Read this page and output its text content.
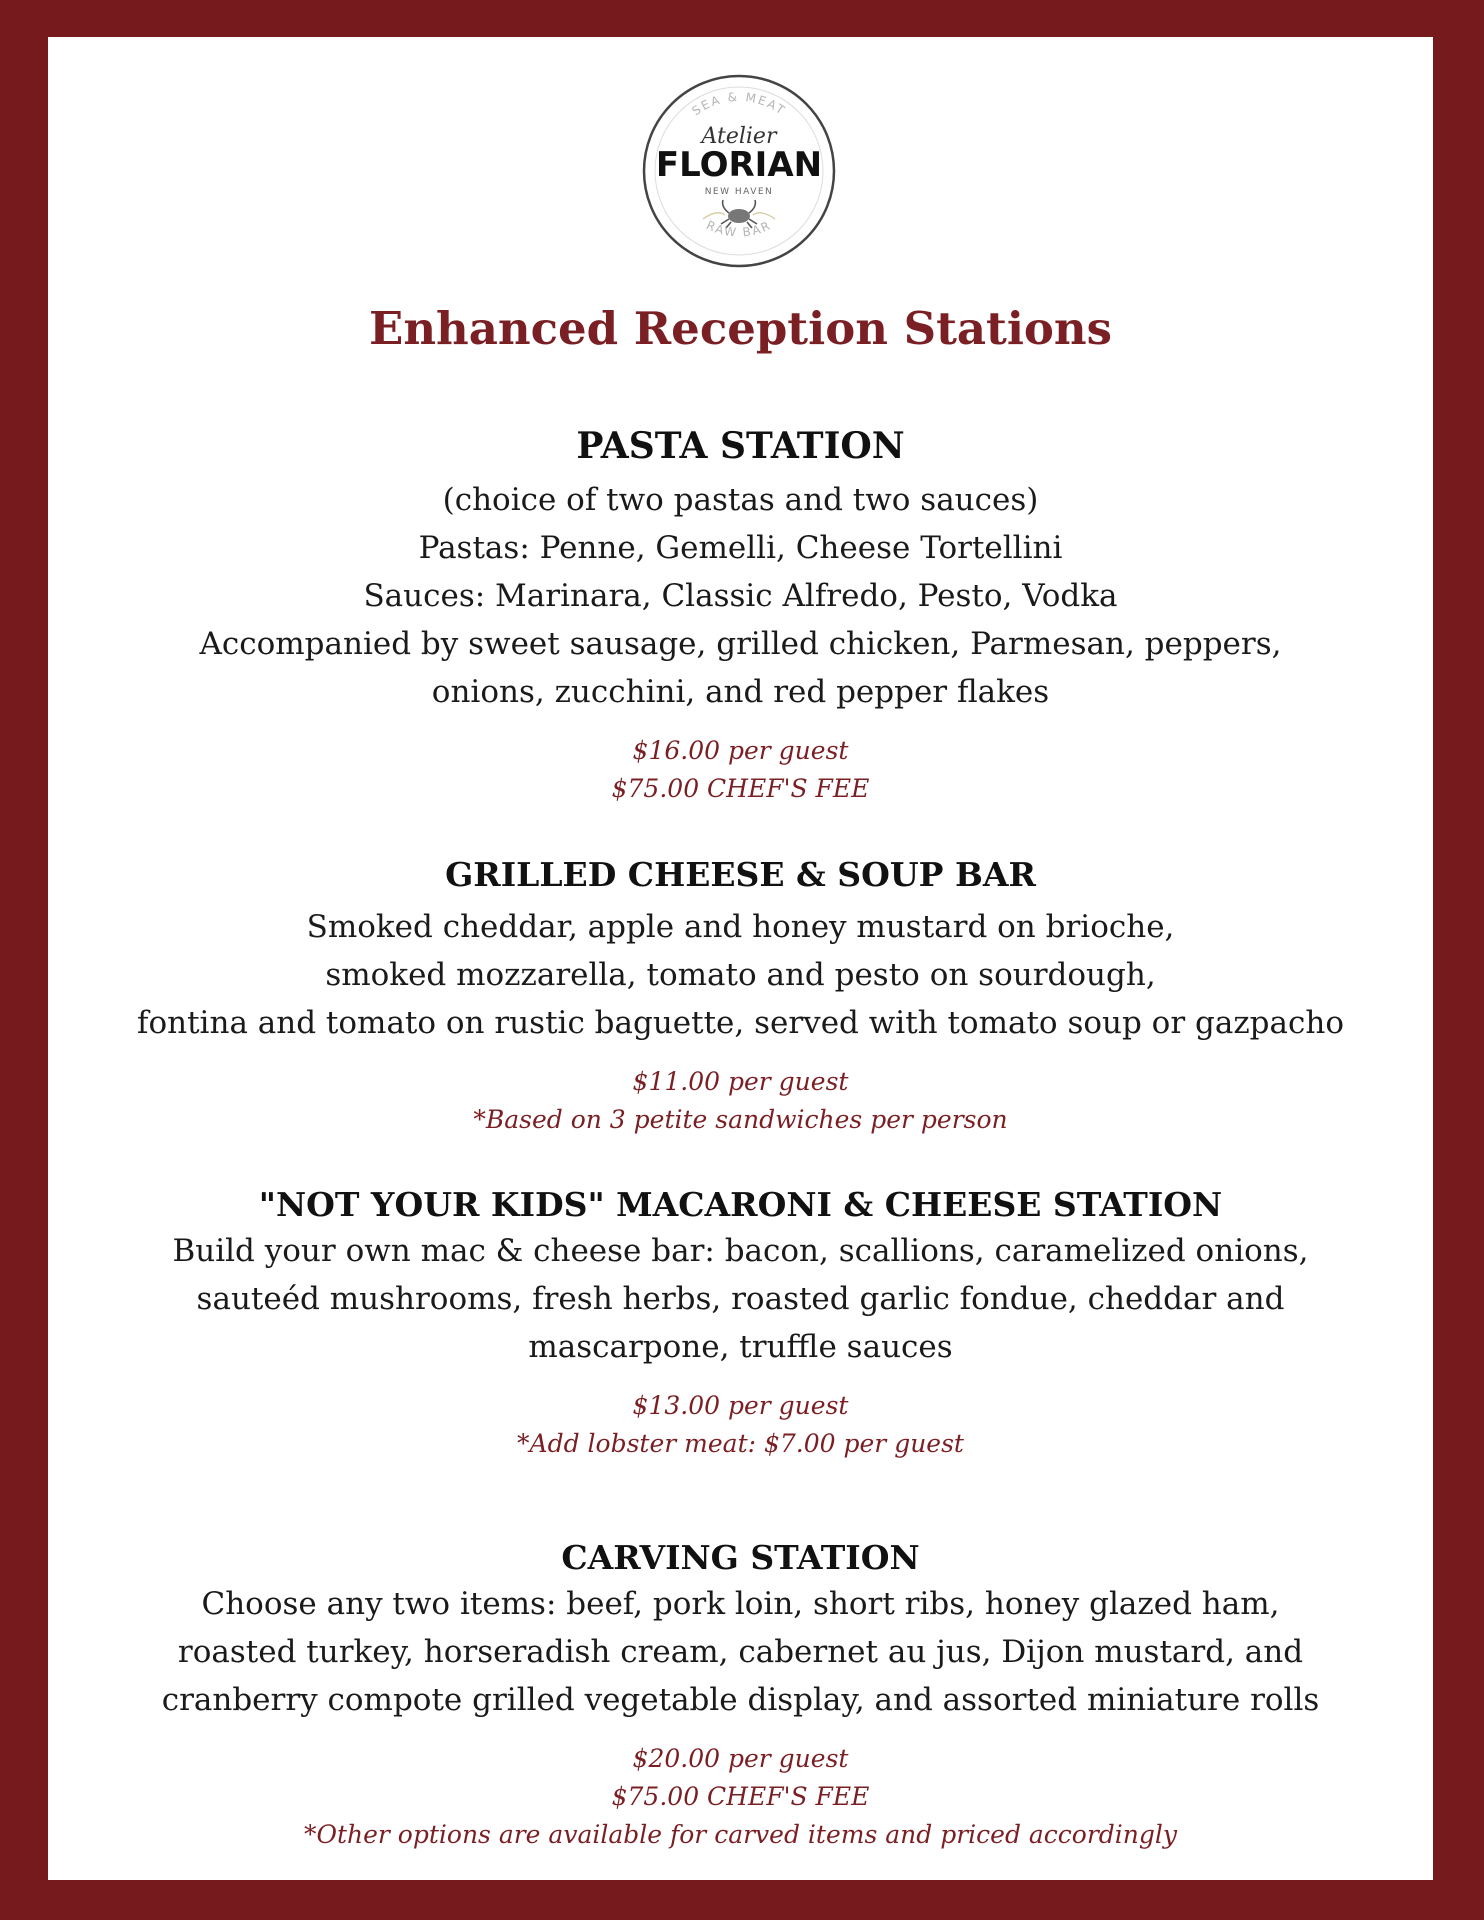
SEA & MEAT
Atelier
FLORIAN
NEW HAVEN
RAW BAR
Enhanced Reception Stations
PASTA STATION
(choice of two pastas and two sauces)
Pastas: Penne, Gemelli, Cheese Tortellini
Sauces: Marinara, Classic Alfredo, Pesto, Vodka
Accompanied by sweet sausage, grilled chicken, Parmesan, peppers,
onions, zucchini, and red pepper flakes
$16.00 per guest
$75.00 CHEF'S FEE
GRILLED CHEESE & SOUP BAR
Smoked cheddar, apple and honey mustard on brioche,
smoked mozzarella, tomato and pesto on sourdough,
fontina and tomato on rustic baguette, served with tomato soup or gazpacho
$11.00 per guest
*Based on 3 petite sandwiches per person
"NOT YOUR KIDS" MACARONI & CHEESE STATION
Build your own mac & cheese bar: bacon, scallions, caramelized onions,
sauteéd mushrooms, fresh herbs, roasted garlic fondue, cheddar and
mascarpone, truffle sauces
$13.00 per guest
*Add lobster meat: $7.00 per guest
CARVING STATION
Choose any two items: beef, pork loin, short ribs, honey glazed ham,
roasted turkey, horseradish cream, cabernet au jus, Dijon mustard, and
cranberry compote grilled vegetable display, and assorted miniature rolls
$20.00 per guest
$75.00 CHEF'S FEE
*Other options are available for carved items and priced accordingly
